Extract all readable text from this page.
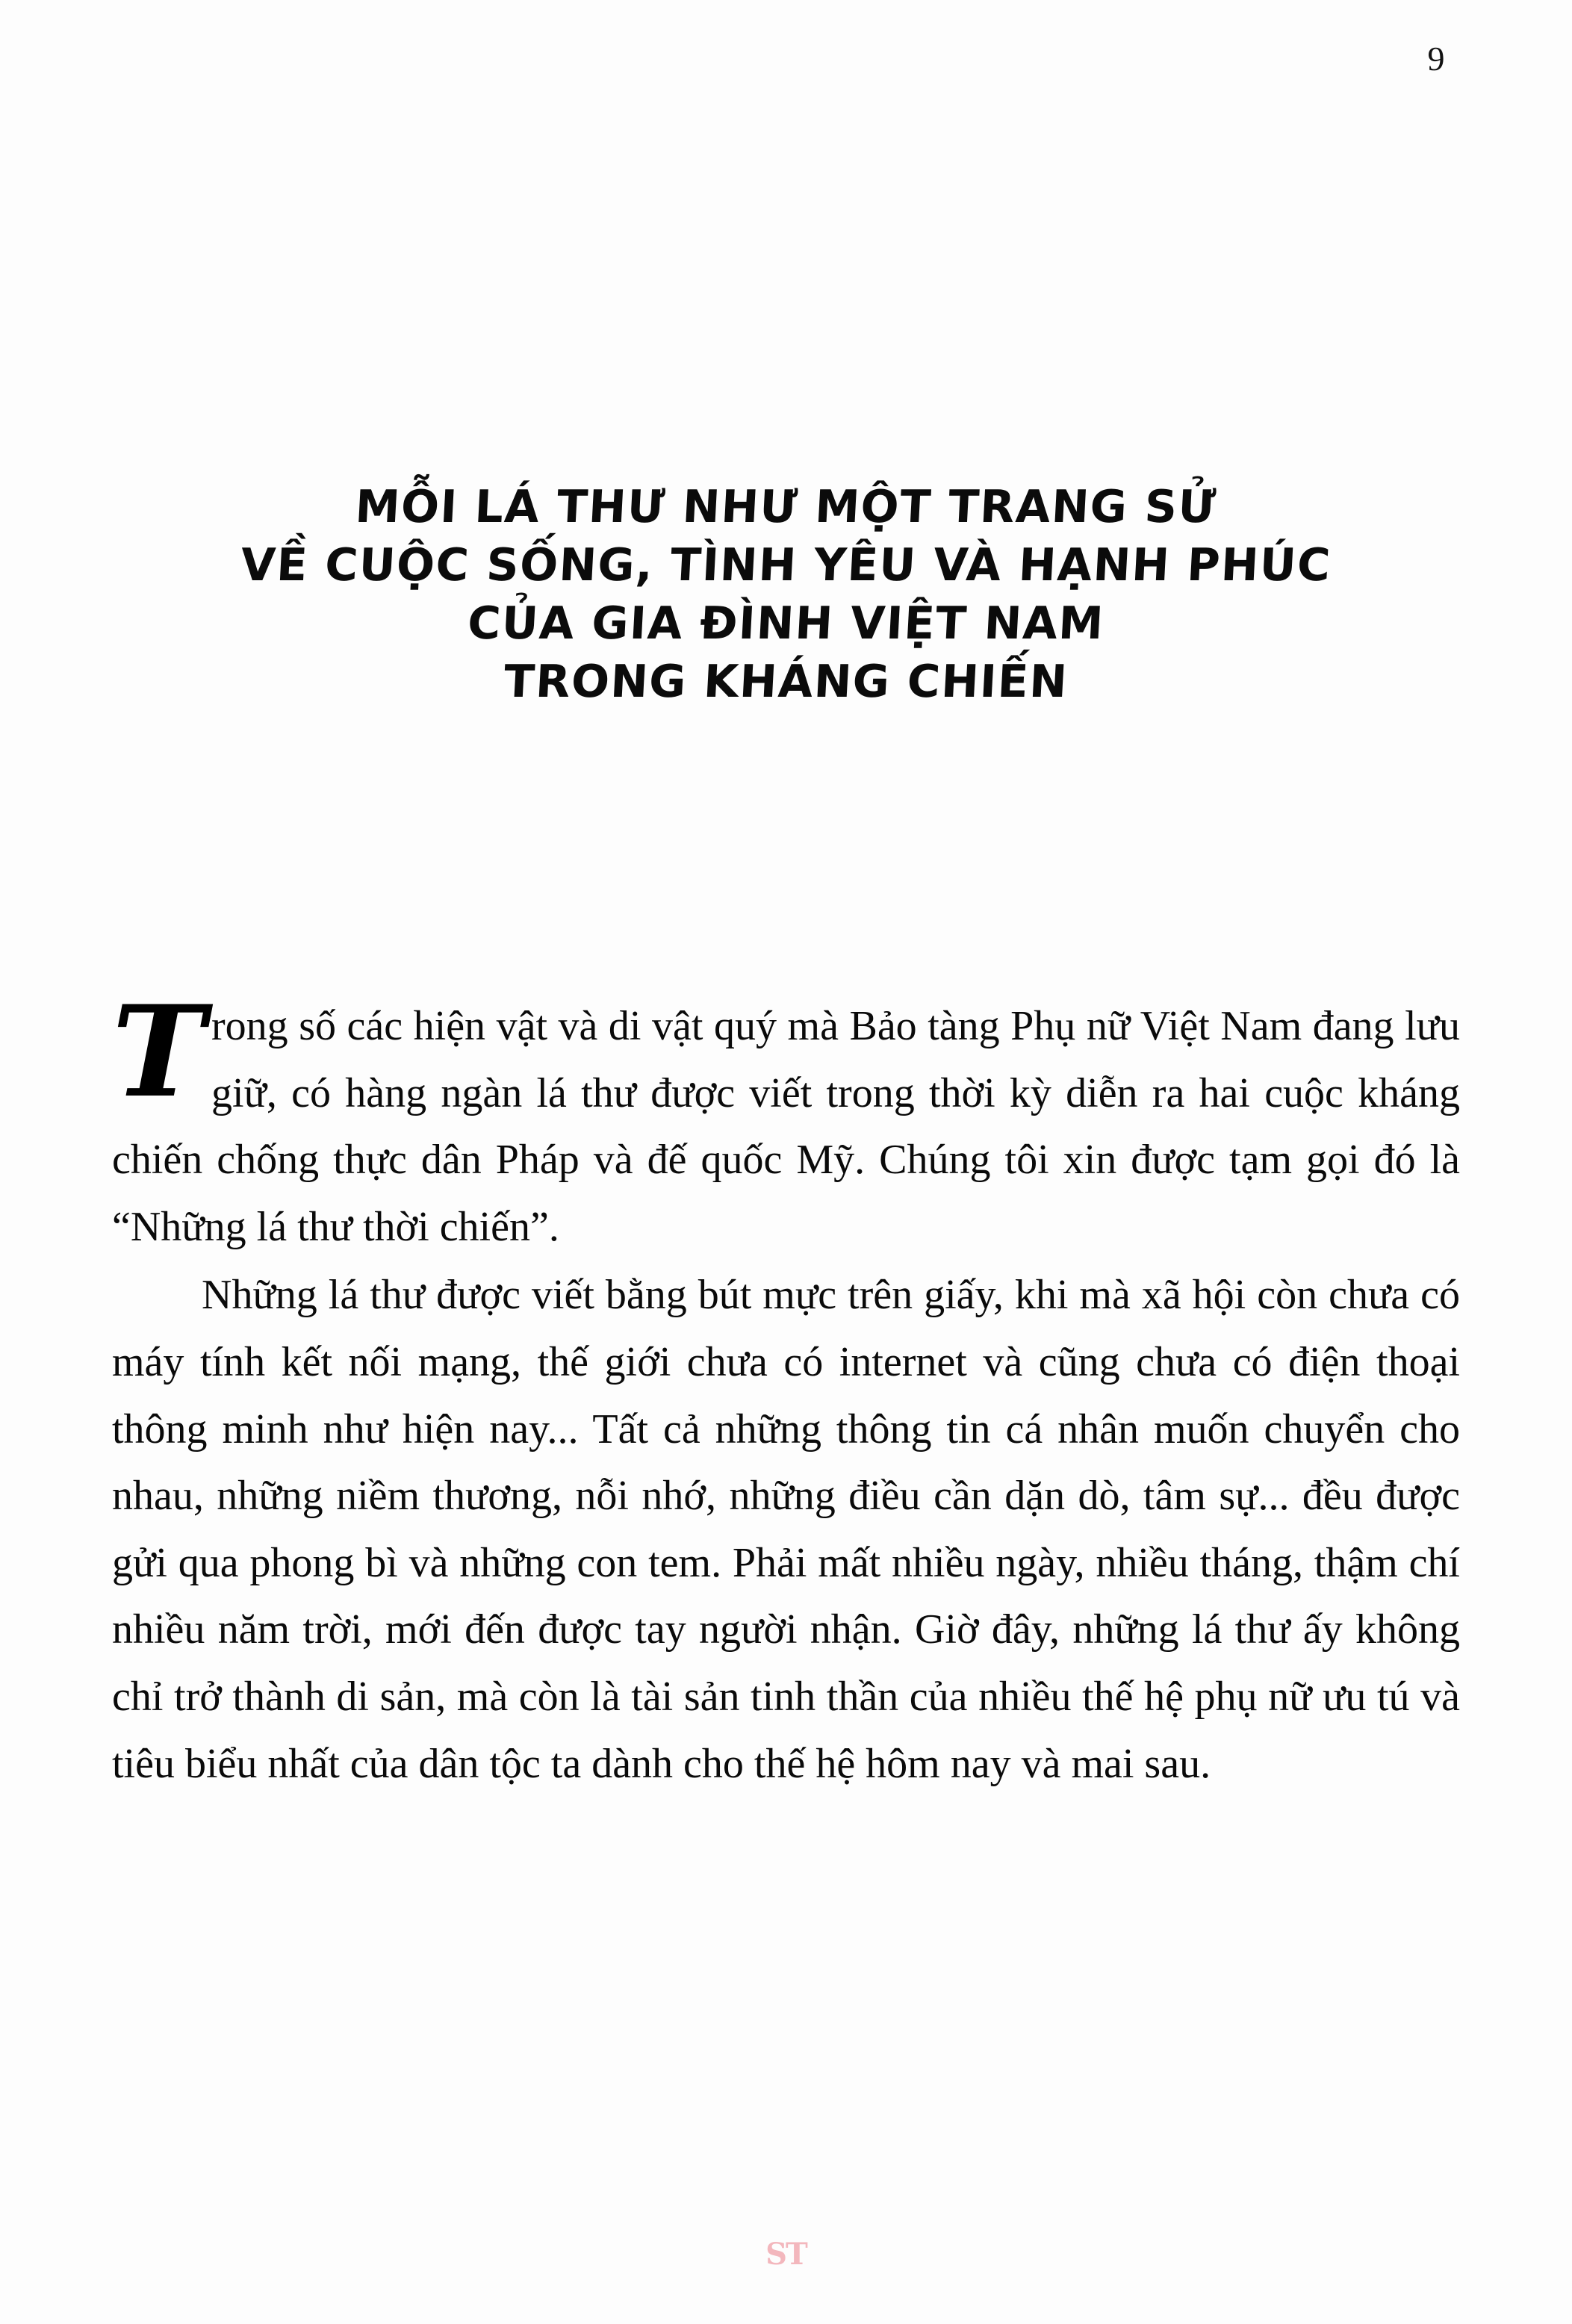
9
MỖI LÁ THƯ NHƯ MỘT TRANG SỬ
VỀ CUỘC SỐNG, TÌNH YÊU VÀ HẠNH PHÚC
CỦA GIA ĐÌNH VIỆT NAM
TRONG KHÁNG CHIẾN

Trong số các hiện vật và di vật quý mà Bảo tàng Phụ nữ Việt Nam đang lưu giữ, có hàng ngàn lá thư được viết trong thời kỳ diễn ra hai cuộc kháng chiến chống thực dân Pháp và đế quốc Mỹ. Chúng tôi xin được tạm gọi đó là “Những lá thư thời chiến”.

Những lá thư được viết bằng bút mực trên giấy, khi mà xã hội còn chưa có máy tính kết nối mạng, thế giới chưa có internet và cũng chưa có điện thoại thông minh như hiện nay... Tất cả những thông tin cá nhân muốn chuyển cho nhau, những niềm thương, nỗi nhớ, những điều cần dặn dò, tâm sự... đều được gửi qua phong bì và những con tem. Phải mất nhiều ngày, nhiều tháng, thậm chí nhiều năm trời, mới đến được tay người nhận. Giờ đây, những lá thư ấy không chỉ trở thành di sản, mà còn là tài sản tinh thần của nhiều thế hệ phụ nữ ưu tú và tiêu biểu nhất của dân tộc ta dành cho thế hệ hôm nay và mai sau.

ST
